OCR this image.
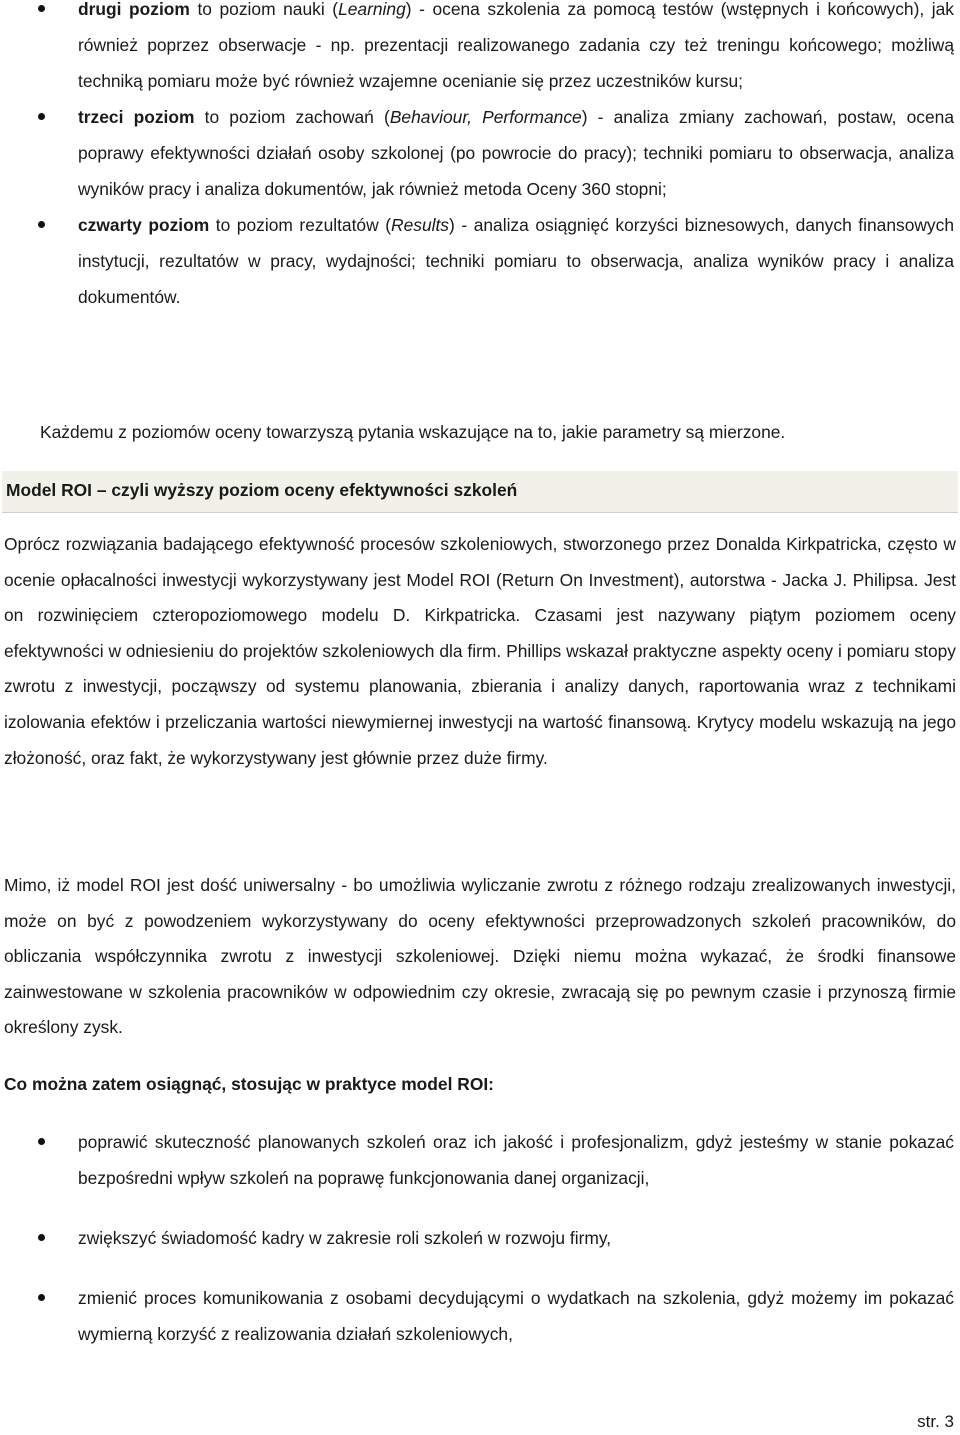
drugi poziom to poziom nauki (Learning) - ocena szkolenia za pomocą testów (wstępnych i końcowych), jak również poprzez obserwacje - np. prezentacji realizowanego zadania czy też treningu końcowego; możliwą techniką pomiaru może być również wzajemne ocenianie się przez uczestników kursu;
trzeci poziom to poziom zachowań (Behaviour, Performance) - analiza zmiany zachowań, postaw, ocena poprawy efektywności działań osoby szkolonej (po powrocie do pracy); techniki pomiaru to obserwacja, analiza wyników pracy i analiza dokumentów, jak również metoda Oceny 360 stopni;
czwarty poziom to poziom rezultatów (Results) - analiza osiągnięć korzyści biznesowych, danych finansowych instytucji, rezultatów w pracy, wydajności; techniki pomiaru to obserwacja, analiza wyników pracy i analiza dokumentów.

Każdemu z poziomów oceny towarzyszą pytania wskazujące na to, jakie parametry są mierzone.

Model ROI – czyli wyższy poziom oceny efektywności szkoleń

Oprócz rozwiązania badającego efektywność procesów szkoleniowych, stworzonego przez Donalda Kirkpatricka, często w ocenie opłacalności inwestycji wykorzystywany jest Model ROI (Return On Investment), autorstwa - Jacka J. Philipsa. Jest on rozwinięciem czteropoziomowego modelu D. Kirkpatricka. Czasami jest nazywany piątym poziomem oceny efektywności w odniesieniu do projektów szkoleniowych dla firm. Phillips wskazał praktyczne aspekty oceny i pomiaru stopy zwrotu z inwestycji, począwszy od systemu planowania, zbierania i analizy danych, raportowania wraz z technikami izolowania efektów i przeliczania wartości niewymiernej inwestycji na wartość finansową. Krytycy modelu wskazują na jego złożoność, oraz fakt, że wykorzystywany jest głównie przez duże firmy.

Mimo, iż model ROI jest dość uniwersalny - bo umożliwia wyliczanie zwrotu z różnego rodzaju zrealizowanych inwestycji, może on być z powodzeniem wykorzystywany do oceny efektywności przeprowadzonych szkoleń pracowników, do obliczania współczynnika zwrotu z inwestycji szkoleniowej. Dzięki niemu można wykazać, że środki finansowe zainwestowane w szkolenia pracowników w odpowiednim czy okresie, zwracają się po pewnym czasie i przynoszą firmie określony zysk.

Co można zatem osiągnąć, stosując w praktyce model ROI:

poprawić skuteczność planowanych szkoleń oraz ich jakość i profesjonalizm, gdyż jesteśmy w stanie pokazać bezpośredni wpływ szkoleń na poprawę funkcjonowania danej organizacji,
zwiększyć świadomość kadry w zakresie roli szkoleń w rozwoju firmy,
zmienić proces komunikowania z osobami decydującymi o wydatkach na szkolenia, gdyż możemy im pokazać wymierną korzyść z realizowania działań szkoleniowych,
str. 3
